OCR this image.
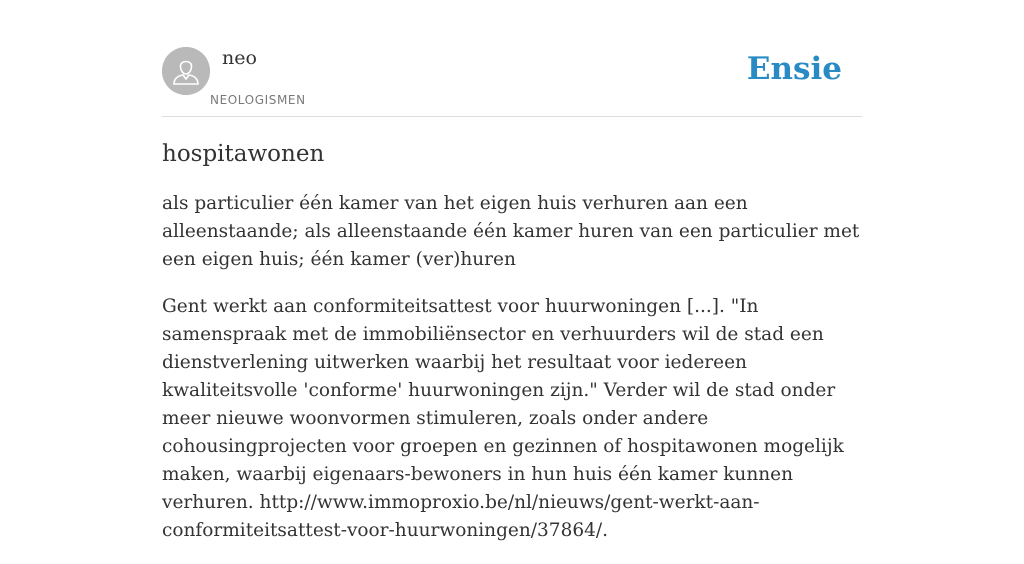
neo
NEOLOGISMEN
Ensie
hospitawonen

als particulier één kamer van het eigen huis verhuren aan een alleenstaande; als alleenstaande één kamer huren van een particulier met een eigen huis; één kamer (ver)huren

Gent werkt aan conformiteitsattest voor huurwoningen [...]. "In samenspraak met de immobiliënsector en verhuurders wil de stad een dienstverlening uitwerken waarbij het resultaat voor iedereen kwaliteitsvolle 'conforme' huurwoningen zijn." Verder wil de stad onder meer nieuwe woonvormen stimuleren, zoals onder andere cohousingprojecten voor groepen en gezinnen of hospitawonen mogelijk maken, waarbij eigenaars-bewoners in hun huis één kamer kunnen verhuren. http://www.immoproxio.be/nl/nieuws/gent-werkt-aan-conformiteitsattest-voor-huurwoningen/37864/.
